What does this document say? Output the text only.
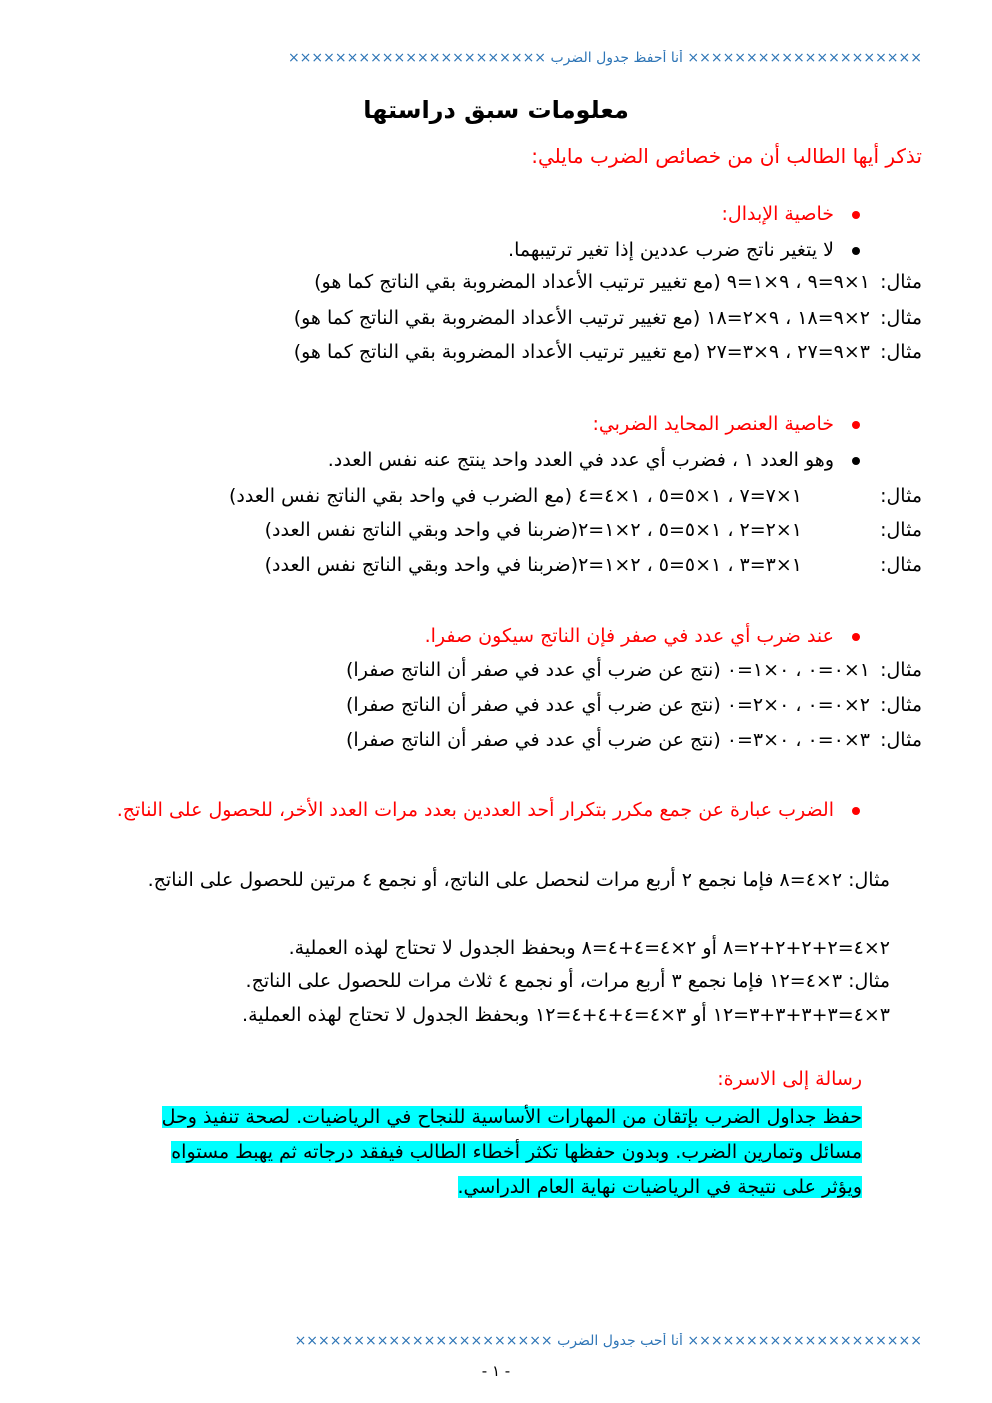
×××××××××××××××××××× أنا أحفظ جدول الضرب ××××××××××××××××××××××
معلومات سبق دراستها
تذكر أيها الطالب أن من خصائص الضرب مايلي:
خاصية الإبدال:
لا يتغير ناتج ضرب عددين إذا تغير ترتيبهما.
مثال:
١×٩=٩ ، ٩×١=٩ (مع تغيير ترتيب الأعداد المضروبة بقي الناتج كما هو)
مثال:
٢×٩=١٨ ، ٩×٢=١٨ (مع تغيير ترتيب الأعداد المضروبة بقي الناتج كما هو)
مثال:
٣×٩=٢٧ ، ٩×٣=٢٧ (مع تغيير ترتيب الأعداد المضروبة بقي الناتج كما هو)
خاصية العنصر المحايد الضربي:
وهو العدد ١ ، فضرب أي عدد في العدد واحد ينتج عنه نفس العدد.
مثال:
١×٧=٧ ، ١×٥=٥ ، ١×٤=٤ (مع الضرب في واحد بقي الناتج نفس العدد)
مثال:
١×٢=٢ ، ١×٥=٥ ، ٢×١=٢(ضربنا في واحد وبقي الناتج نفس العدد)
مثال:
١×٣=٣ ، ١×٥=٥ ، ٢×١=٢(ضربنا في واحد وبقي الناتج نفس العدد)
عند ضرب أي عدد في صفر فإن الناتج سيكون صفرا.
مثال:
١×٠=٠ ، ٠×١=٠ (نتج عن ضرب أي عدد في صفر أن الناتج صفرا)
مثال:
٢×٠=٠ ، ٠×٢=٠ (نتج عن ضرب أي عدد في صفر أن الناتج صفرا)
مثال:
٣×٠=٠ ، ٠×٣=٠ (نتج عن ضرب أي عدد في صفر أن الناتج صفرا)
الضرب عبارة عن جمع مكرر بتكرار أحد العددين بعدد مرات العدد الأخر، للحصول على الناتج.
مثال: ٢×٤=٨ فإما نجمع ٢ أربع مرات لنحصل على الناتج، أو نجمع ٤ مرتين للحصول على الناتج.
٢×٤=٢+٢+٢+٢=٨ أو ٢×٤=٤+٤=٨ وبحفظ الجدول لا تحتاج لهذه العملية.
مثال: ٣×٤=١٢ فإما نجمع ٣ أربع مرات، أو نجمع ٤ ثلاث مرات للحصول على الناتج.
٣×٤=٣+٣+٣+٣=١٢ أو ٣×٤=٤+٤+٤=١٢ وبحفظ الجدول لا تحتاج لهذه العملية.
رسالة إلى الاسرة:
حفظ جداول الضرب بإتقان من المهارات الأساسية للنجاح في الرياضيات. لصحة تنفيذ وحل مسائل وتمارين الضرب. وبدون حفظها تكثر أخطاء الطالب فيفقد درجاته ثم يهبط مستواه ويؤثر على نتيجة في الرياضيات نهاية العام الدراسي.
×××××××××××××××××××× أنا أحب جدول الضرب ××××××××××××××××××××××
- ١ -
